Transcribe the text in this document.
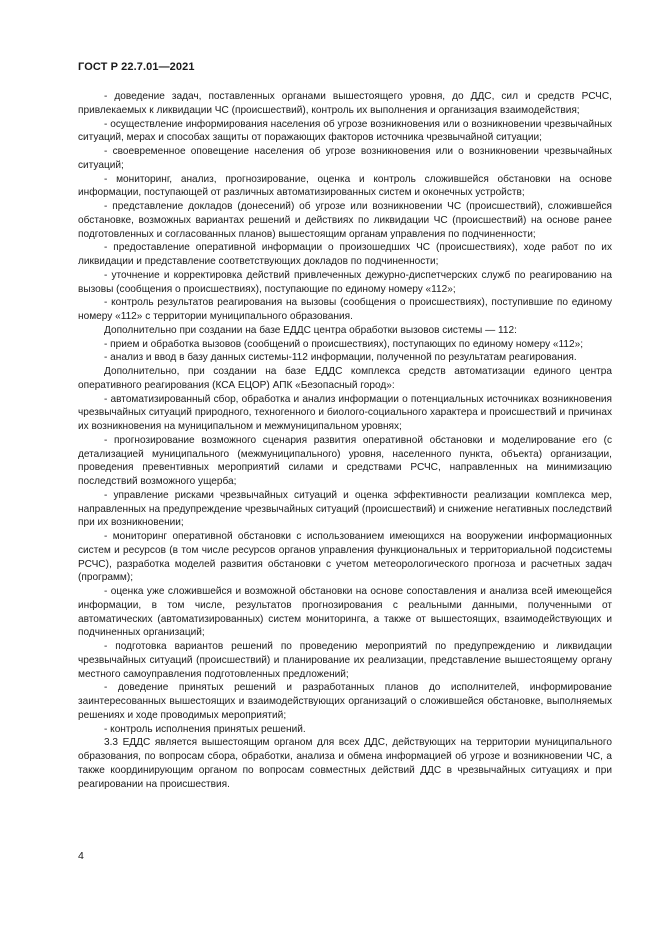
ГОСТ Р 22.7.01—2021

- доведение задач, поставленных органами вышестоящего уровня, до ДДС, сил и средств РСЧС, привлекаемых к ликвидации ЧС (происшествий), контроль их выполнения и организация взаимодействия;

- осуществление информирования населения об угрозе возникновения или о возникновении чрезвычайных ситуаций, мерах и способах защиты от поражающих факторов источника чрезвычайной ситуации;

- своевременное оповещение населения об угрозе возникновения или о возникновении чрезвычайных ситуаций;

- мониторинг, анализ, прогнозирование, оценка и контроль сложившейся обстановки на основе информации, поступающей от различных автоматизированных систем и оконечных устройств;

- представление докладов (донесений) об угрозе или возникновении ЧС (происшествий), сложившейся обстановке, возможных вариантах решений и действиях по ликвидации ЧС (происшествий) на основе ранее подготовленных и согласованных планов) вышестоящим органам управления по подчиненности;

- предоставление оперативной информации о произошедших ЧС (происшествиях), ходе работ по их ликвидации и представление соответствующих докладов по подчиненности;

- уточнение и корректировка действий привлеченных дежурно-диспетчерских служб по реагированию на вызовы (сообщения о происшествиях), поступающие по единому номеру «112»;

- контроль результатов реагирования на вызовы (сообщения о происшествиях), поступившие по единому номеру «112» с территории муниципального образования.

Дополнительно при создании на базе ЕДДС центра обработки вызовов системы — 112:

- прием и обработка вызовов (сообщений о происшествиях), поступающих по единому номеру «112»;

- анализ и ввод в базу данных системы-112 информации, полученной по результатам реагирования.

Дополнительно, при создании на базе ЕДДС комплекса средств автоматизации единого центра оперативного реагирования (КСА ЕЦОР) АПК «Безопасный город»:

- автоматизированный сбор, обработка и анализ информации о потенциальных источниках возникновения чрезвычайных ситуаций природного, техногенного и биолого-социального характера и происшествий и причинах их возникновения на муниципальном и межмуниципальном уровнях;

- прогнозирование возможного сценария развития оперативной обстановки и моделирование его (с детализацией муниципального (межмуниципального) уровня, населенного пункта, объекта) организации, проведения превентивных мероприятий силами и средствами РСЧС, направленных на минимизацию последствий возможного ущерба;

- управление рисками чрезвычайных ситуаций и оценка эффективности реализации комплекса мер, направленных на предупреждение чрезвычайных ситуаций (происшествий) и снижение негативных последствий при их возникновении;

- мониторинг оперативной обстановки с использованием имеющихся на вооружении информационных систем и ресурсов (в том числе ресурсов органов управления функциональных и территориальной подсистемы РСЧС), разработка моделей развития обстановки с учетом метеорологического прогноза и расчетных задач (программ);

- оценка уже сложившейся и возможной обстановки на основе сопоставления и анализа всей имеющейся информации, в том числе, результатов прогнозирования с реальными данными, полученными от автоматических (автоматизированных) систем мониторинга, а также от вышестоящих, взаимодействующих и подчиненных организаций;

- подготовка вариантов решений по проведению мероприятий по предупреждению и ликвидации чрезвычайных ситуаций (происшествий) и планирование их реализации, представление вышестоящему органу местного самоуправления подготовленных предложений;

- доведение принятых решений и разработанных планов до исполнителей, информирование заинтересованных вышестоящих и взаимодействующих организаций о сложившейся обстановке, выполняемых решениях и ходе проводимых мероприятий;

- контроль исполнения принятых решений.

3.3 ЕДДС является вышестоящим органом для всех ДДС, действующих на территории муниципального образования, по вопросам сбора, обработки, анализа и обмена информацией об угрозе и возникновении ЧС, а также координирующим органом по вопросам совместных действий ДДС в чрезвычайных ситуациях и при реагировании на происшествия.

4
